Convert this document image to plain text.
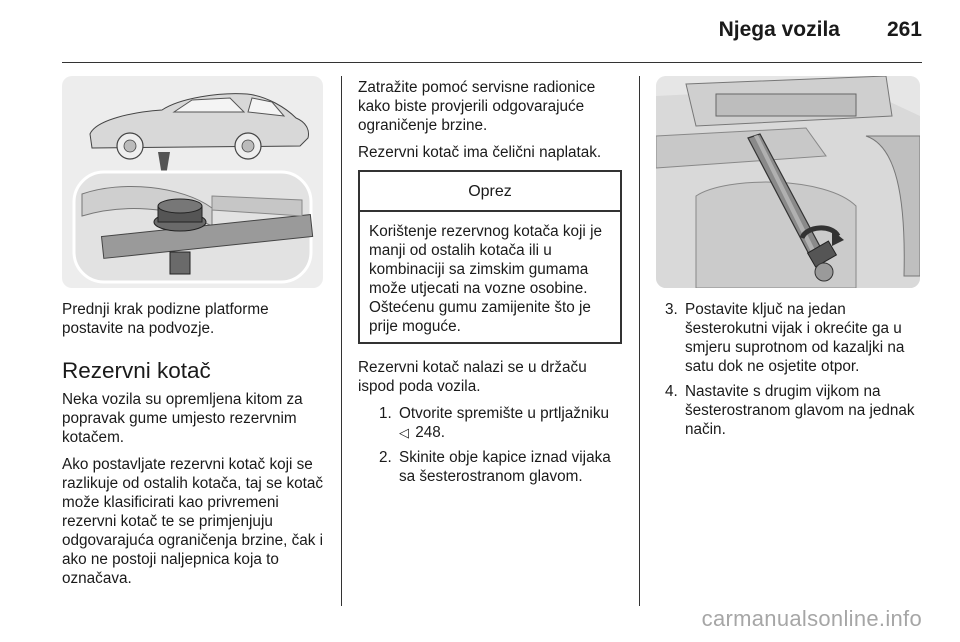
Njega vozila 261

Prednji krak podizne platforme postavite na podvozje.

Rezervni kotač

Neka vozila su opremljena kitom za popravak gume umjesto rezervnim kotačem.

Ako postavljate rezervni kotač koji se razlikuje od ostalih kotača, taj se kotač može klasificirati kao privremeni rezervni kotač te se primjenjuju odgovarajuća ograničenja brzine, čak i ako ne postoji naljepnica koja to označava.

Zatražite pomoć servisne radionice kako biste provjerili odgovarajuće ograničenje brzine.

Rezervni kotač ima čelični naplatak.

Oprez
Korištenje rezervnog kotača koji je manji od ostalih kotača ili u kombinaciji sa zimskim gumama može utjecati na vozne osobine. Oštećenu gumu zamijenite što je prije moguće.

Rezervni kotač nalazi se u držaču ispod poda vozila.

1. Otvorite spremište u prtljažniku
◁ 248.
2. Skinite obje kapice iznad vijaka sa šesterostranom glavom.
3. Postavite ključ na jedan šesterokutni vijak i okrećite ga u smjeru suprotnom od kazaljki na satu dok ne osjetite otpor.
4. Nastavite s drugim vijkom na šesterostranom glavom na jednak način.
carmanualsonline.info
